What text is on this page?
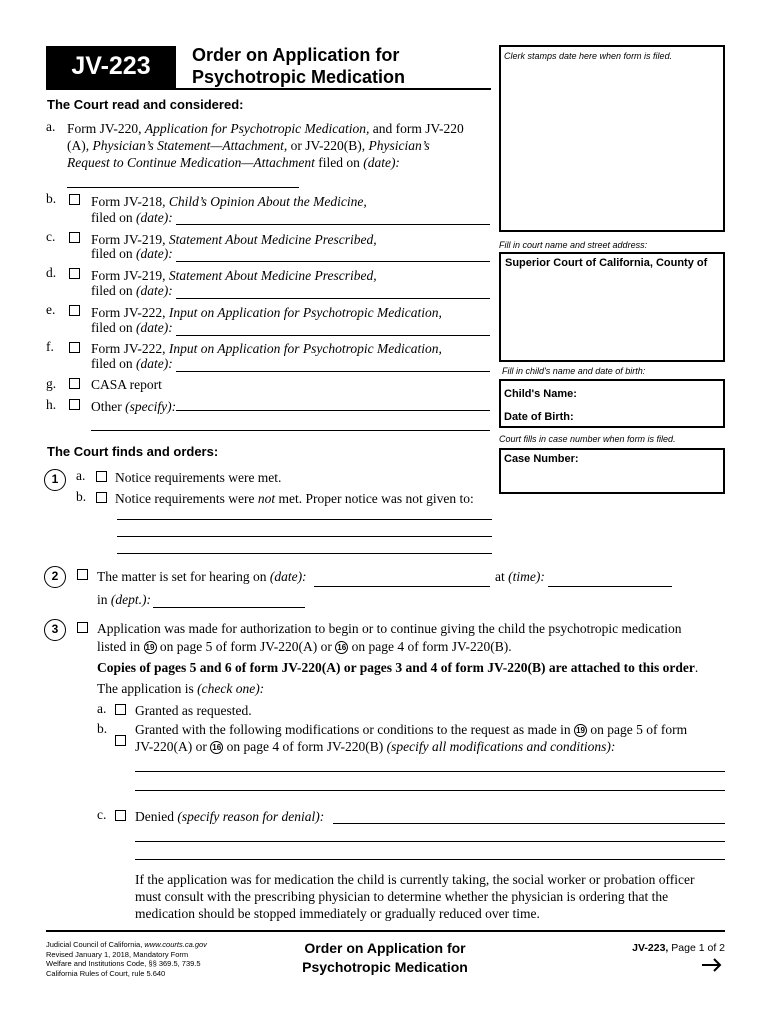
JV-223	Order on Application for
Psychotropic Medication
Clerk stamps date here when form is filed.
Fill in court name and street address:
Superior Court of California, County of
Fill in child's name and date of birth:
Child's Name:
Date of Birth:
Court fills in case number when form is filed.
Case Number:
The Court read and considered:
a. Form JV-220, Application for Psychotropic Medication, and form JV-220
(A), Physician’s Statement—Attachment, or JV-220(B), Physician’s
Request to Continue Medication—Attachment filed on (date):
b.	Form JV-218, Child’s Opinion About the Medicine,
filed on (date):
c.	Form JV-219, Statement About Medicine Prescribed,
filed on (date):
d.	Form JV-219, Statement About Medicine Prescribed,
filed on (date):
e.	Form JV-222, Input on Application for Psychotropic Medication,
filed on (date):
f.	Form JV-222, Input on Application for Psychotropic Medication,
filed on (date):
g.	CASA report
h.	Other (specify):
The Court finds and orders:
1	a. Notice requirements were met.
b. Notice requirements were not met. Proper notice was not given to:
2	The matter is set for hearing on (date):	at (time):
in (dept.):
3	Application was made for authorization to begin or to continue giving the child the psychotropic medication
listed in 19 on page 5 of form JV-220(A) or 16 on page 4 of form JV-220(B).
Copies of pages 5 and 6 of form JV-220(A) or pages 3 and 4 of form JV-220(B) are attached to this order.
The application is (check one):
a. Granted as requested.
b. Granted with the following modifications or conditions to the request as made in 19 on page 5 of form
JV-220(A) or 16 on page 4 of form JV-220(B) (specify all modifications and conditions):
c. Denied (specify reason for denial):
If the application was for medication the child is currently taking, the social worker or probation officer
must consult with the prescribing physician to determine whether the physician is ordering that the
medication should be stopped immediately or gradually reduced over time.
Judicial Council of California, www.courts.ca.gov
Revised January 1, 2018, Mandatory Form
Welfare and Institutions Code, §§ 369.5, 739.5
California Rules of Court, rule 5.640
Order on Application for
Psychotropic Medication
JV-223, Page 1 of 2
